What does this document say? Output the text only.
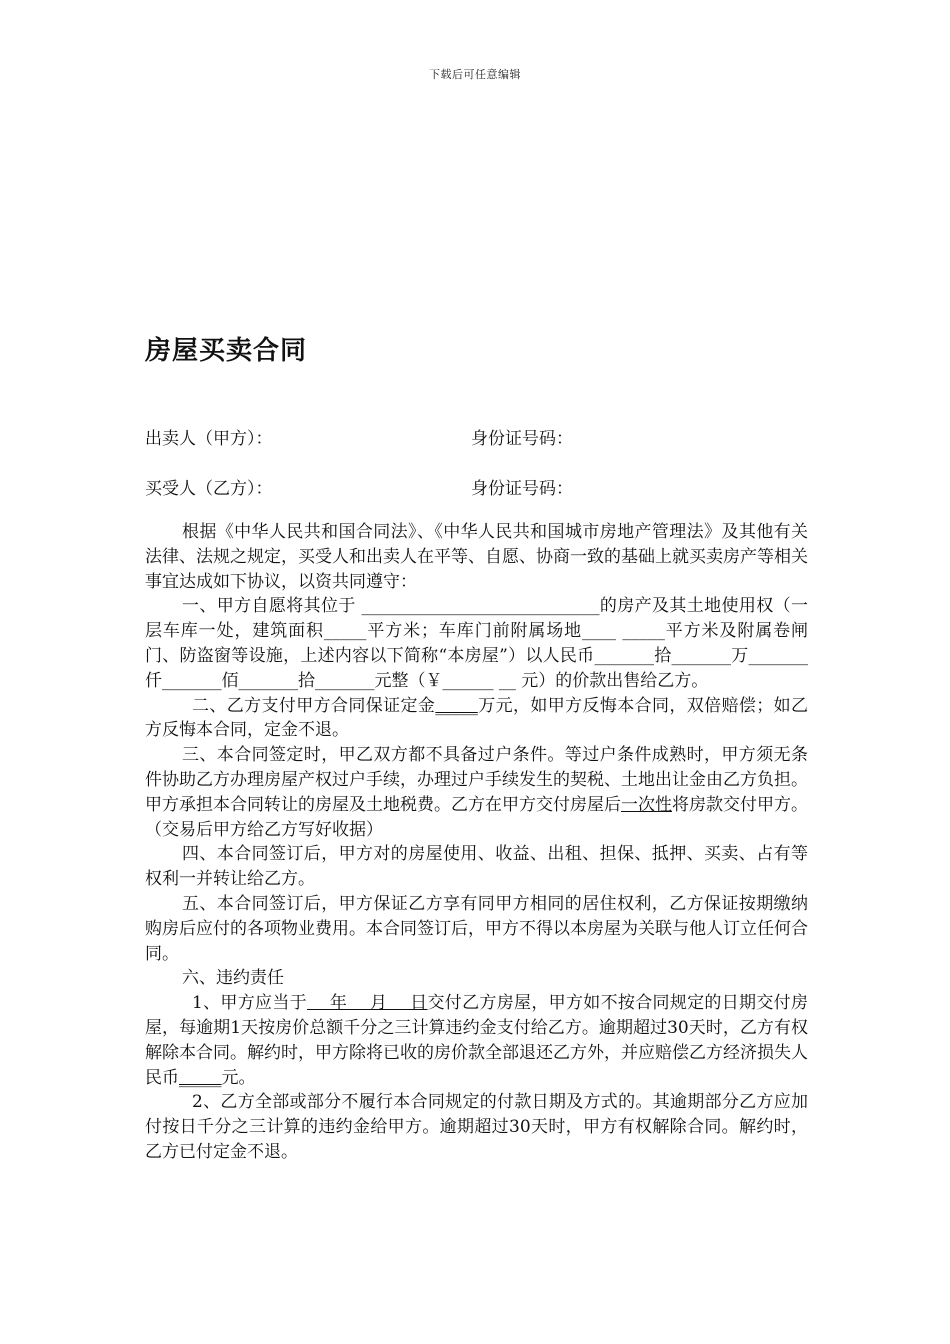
下载后可任意编辑
房屋买卖合同
出卖人（甲方）：	身份证号码：
买受人（乙方）：	身份证号码：

根据《中华人民共和国合同法》、《中华人民共和国城市房地产管理法》及其他有关法律、法规之规定，买受人和出卖人在平等、自愿、协商一致的基础上就买卖房产等相关事宜达成如下协议，以资共同遵守：

一、甲方自愿将其位于 ____________________________的房产及其土地使用权（一层车库一处，建筑面积_____平方米；车库门前附属场地____ _____平方米及附属卷闸门、防盗窗等设施，上述内容以下简称“本房屋”）以人民币_______拾_______万_______仟_______佰_______拾_______元整（￥______ __ 元）的价款出售给乙方。

二、乙方支付甲方合同保证定金_____万元，如甲方反悔本合同，双倍赔偿；如乙方反悔本合同，定金不退。

三、本合同签定时，甲乙双方都不具备过户条件。等过户条件成熟时，甲方须无条件协助乙方办理房屋产权过户手续，办理过户手续发生的契税、土地出让金由乙方负担。甲方承担本合同转让的房屋及土地税费。乙方在甲方交付房屋后一次性将房款交付甲方。（交易后甲方给乙方写好收据）

四、本合同签订后，甲方对的房屋使用、收益、出租、担保、抵押、买卖、占有等权利一并转让给乙方。

五、本合同签订后，甲方保证乙方享有同甲方相同的居住权利，乙方保证按期缴纳购房后应付的各项物业费用。本合同签订后，甲方不得以本房屋为关联与他人订立任何合同。

六、违约责任

1、甲方应当于    年    月    日交付乙方房屋，甲方如不按合同规定的日期交付房屋，每逾期1天按房价总额千分之三计算违约金支付给乙方。逾期超过30天时，乙方有权解除本合同。解约时，甲方除将已收的房价款全部退还乙方外，并应赔偿乙方经济损失人民币_____元。

2、乙方全部或部分不履行本合同规定的付款日期及方式的。其逾期部分乙方应加付按日千分之三计算的违约金给甲方。逾期超过30天时，甲方有权解除合同。解约时，乙方已付定金不退。
